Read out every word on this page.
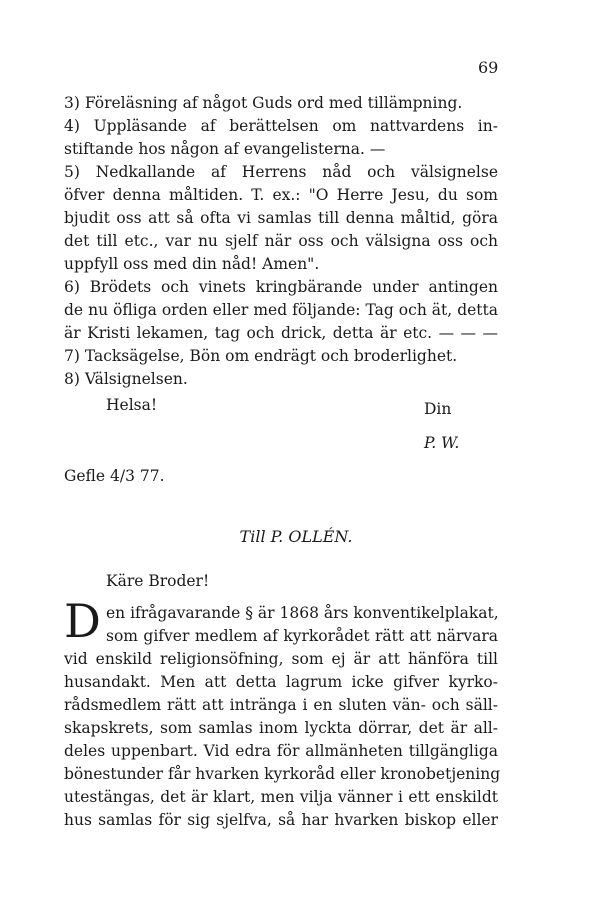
69
3) Föreläsning af något Guds ord med tillämpning.
4) Uppläsande af berättelsen om nattvardens in-
stiftande hos någon af evangelisterna. —
5) Nedkallande af Herrens nåd och välsignelse
öfver denna måltiden. T. ex.: "O Herre Jesu, du som
bjudit oss att så ofta vi samlas till denna måltid, göra
det till etc., var nu sjelf när oss och välsigna oss och
uppfyll oss med din nåd! Amen".
6) Brödets och vinets kringbärande under antingen
de nu öfliga orden eller med följande: Tag och ät, detta
är Kristi lekamen, tag och drick, detta är etc. — — —
7) Tacksägelse, Bön om endrägt och broderlighet.
8) Välsignelsen.
Helsa!	Din
P. W.
Gefle 4/3 77.
Till P. OLLÉN.
Käre Broder!
D en ifrågavarande § är 1868 års konventikelplakat,
som gifver medlem af kyrkorådet rätt att närvara
vid enskild religionsöfning, som ej är att hänföra till
husandakt. Men att detta lagrum icke gifver kyrko-
rådsmedlem rätt att inträngа i en sluten vän- och säll-
skapskrets, som samlas inom lyckta dörrar, det är all-
deles uppenbart. Vid edra för allmänheten tillgängliga
bönestunder får hvarken kyrkoråd eller kronobetjening
utestängas, det är klart, men vilja vänner i ett enskildt
hus samlas för sig sjelfva, så har hvarken biskop eller
